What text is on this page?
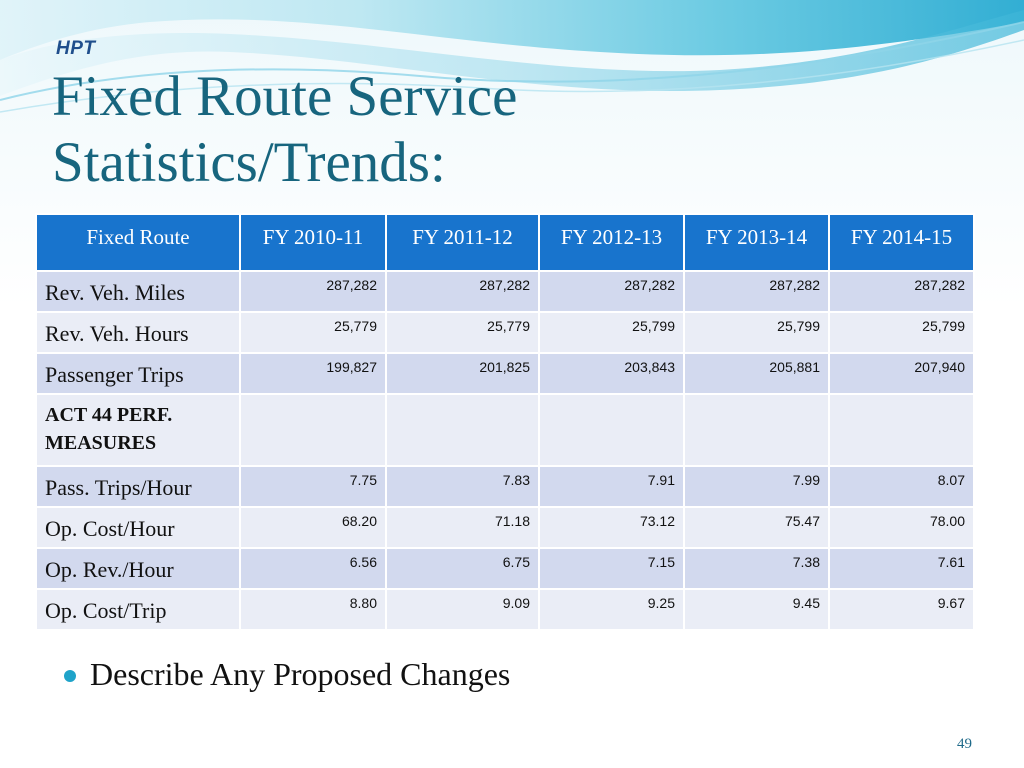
HPT
Fixed Route Service
Statistics/Trends:
Fixed Route	FY 2010-11	FY 2011-12	FY 2012-13	FY 2013-14	FY 2014-15
Rev. Veh. Miles	287,282	287,282	287,282	287,282	287,282
Rev. Veh. Hours	25,779	25,779	25,799	25,799	25,799
Passenger Trips	199,827	201,825	203,843	205,881	207,940
ACT 44 PERF. MEASURES					
Pass. Trips/Hour	7.75	7.83	7.91	7.99	8.07
Op. Cost/Hour	68.20	71.18	73.12	75.47	78.00
Op. Rev./Hour	6.56	6.75	7.15	7.38	7.61
Op. Cost/Trip	8.80	9.09	9.25	9.45	9.67
Describe Any Proposed Changes
49
